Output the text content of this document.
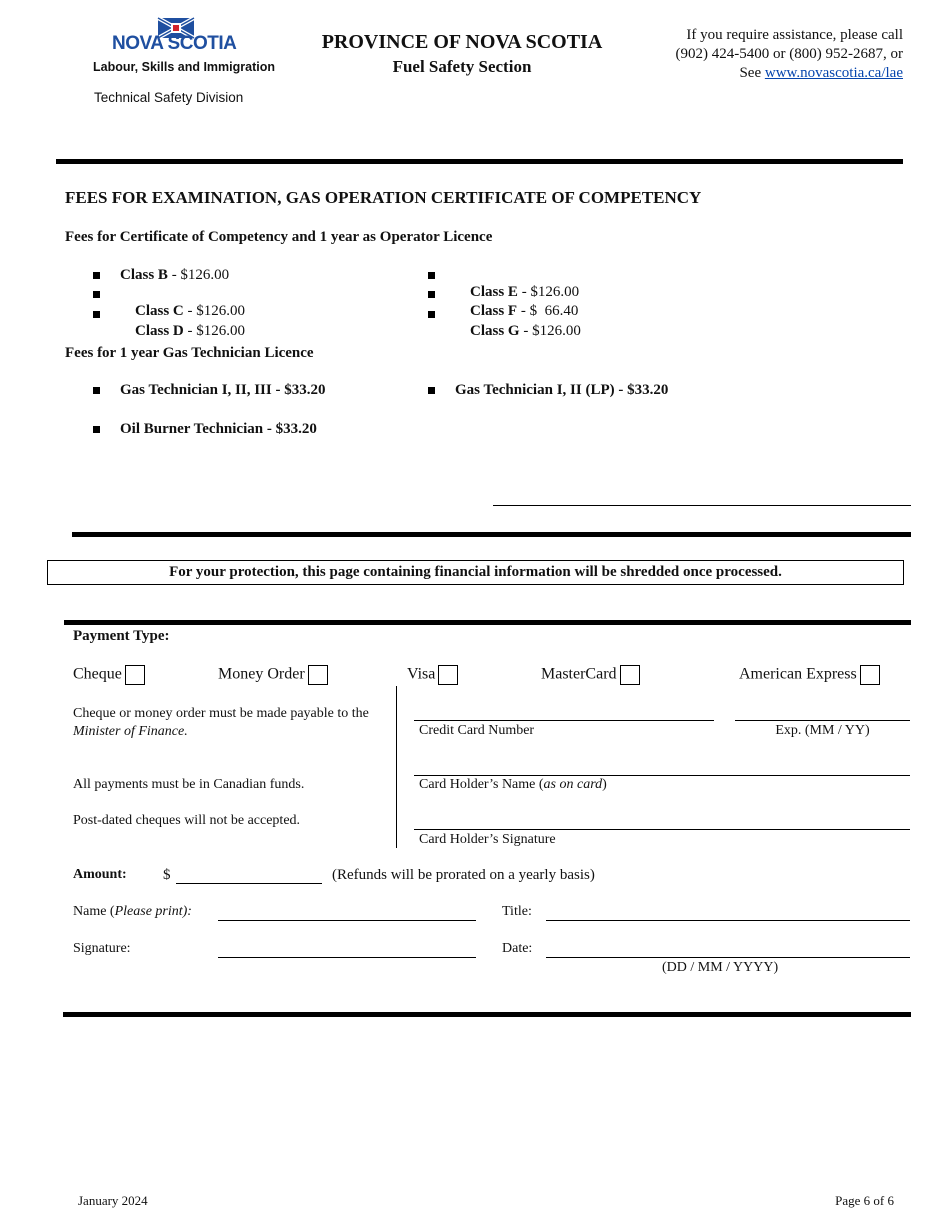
NOVA SCOTIA
Labour, Skills and Immigration
Technical Safety Division
PROVINCE OF NOVA SCOTIA
Fuel Safety Section
If you require assistance, please call
(902) 424-5400 or (800) 952-2687, or
See www.novascotia.ca/lae
FEES FOR EXAMINATION, GAS OPERATION CERTIFICATE OF COMPETENCY
Fees for Certificate of Competency and 1 year as Operator Licence
Class B - $126.00

Class C - $126.00

Class D - $126.00

Class E - $126.00

Class F - $  66.40

Class G - $126.00

Fees for 1 year Gas Technician Licence
Gas Technician I, II, III - $33.20	Gas Technician I, II (LP) - $33.20
Oil Burner Technician - $33.20
For your protection, this page containing financial information will be shredded once processed.
Payment Type:
Cheque	Money Order	Visa	MasterCard	American Express
Cheque or money order must be made payable to the Minister of Finance.
All payments must be in Canadian funds.
Post-dated cheques will not be accepted.
Credit Card Number	Exp. (MM / YY)
Card Holder’s Name (as on card)
Card Holder’s Signature
Amount: $	(Refunds will be prorated on a yearly basis)
Name (Please print):	Title:
Signature:	Date:
(DD / MM / YYYY)
January 2024	Page 6 of 6
